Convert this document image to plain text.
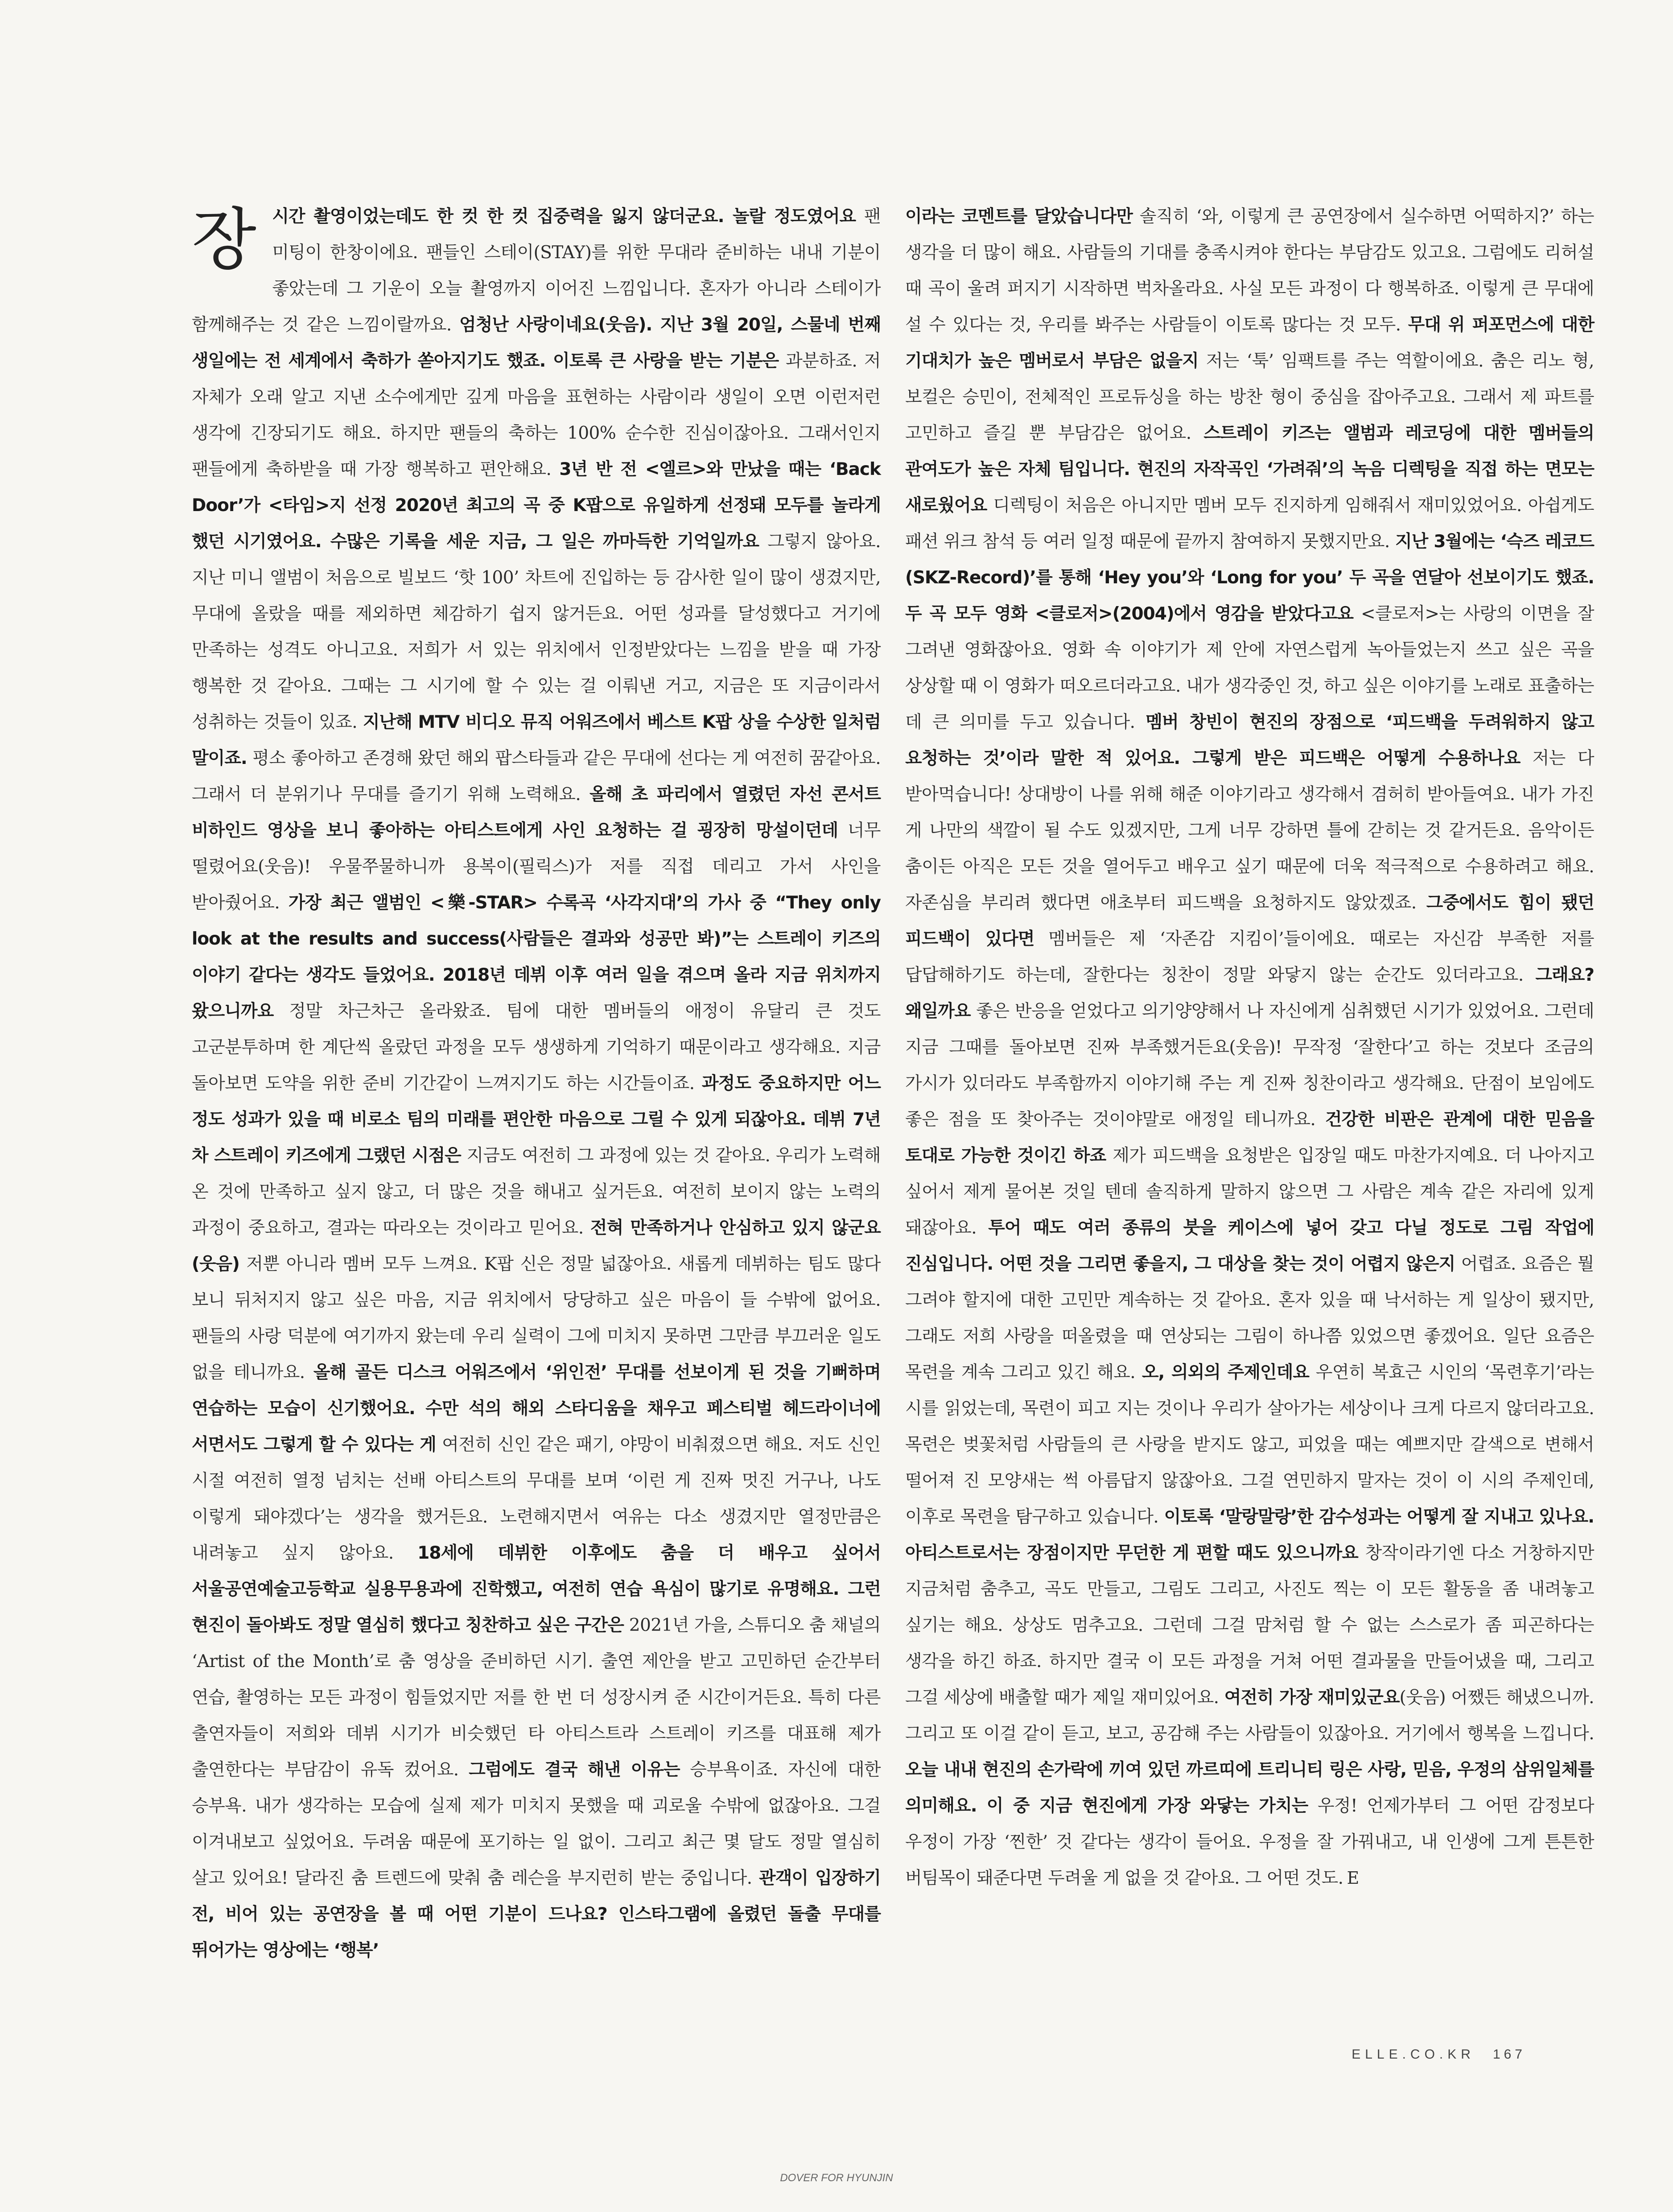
장시간 촬영이었는데도 한 컷 한 컷 집중력을 잃지 않더군요. 놀랄 정도였어요 팬 미팅이 한창이에요. 팬들인 스테이(STAY)를 위한 무대라 준비하는 내내 기분이 좋았는데 그 기운이 오늘 촬영까지 이어진 느낌입니다. 혼자가 아니라 스테이가 함께해주는 것 같은 느낌이랄까요. 엄청난 사랑이네요(웃음). 지난 3월 20일, 스물네 번째 생일에는 전 세계에서 축하가 쏟아지기도 했죠. 이토록 큰 사랑을 받는 기분은 과분하죠. 저 자체가 오래 알고 지낸 소수에게만 깊게 마음을 표현하는 사람이라 생일이 오면 이런저런 생각에 긴장되기도 해요. 하지만 팬들의 축하는 100% 순수한 진심이잖아요. 그래서인지 팬들에게 축하받을 때 가장 행복하고 편안해요. 3년 반 전 <엘르>와 만났을 때는 ‘Back Door’가 <타임>지 선정 2020년 최고의 곡 중 K팝으로 유일하게 선정돼 모두를 놀라게 했던 시기였어요. 수많은 기록을 세운 지금, 그 일은 까마득한 기억일까요 그렇지 않아요. 지난 미니 앨범이 처음으로 빌보드 ‘핫 100’ 차트에 진입하는 등 감사한 일이 많이 생겼지만, 무대에 올랐을 때를 제외하면 체감하기 쉽지 않거든요. 어떤 성과를 달성했다고 거기에 만족하는 성격도 아니고요. 저희가 서 있는 위치에서 인정받았다는 느낌을 받을 때 가장 행복한 것 같아요. 그때는 그 시기에 할 수 있는 걸 이뤄낸 거고, 지금은 또 지금이라서 성취하는 것들이 있죠. 지난해 MTV 비디오 뮤직 어워즈에서 베스트 K팝 상을 수상한 일처럼 말이죠. 평소 좋아하고 존경해 왔던 해외 팝스타들과 같은 무대에 선다는 게 여전히 꿈같아요. 그래서 더 분위기나 무대를 즐기기 위해 노력해요. 올해 초 파리에서 열렸던 자선 콘서트 비하인드 영상을 보니 좋아하는 아티스트에게 사인 요청하는 걸 굉장히 망설이던데 너무 떨렸어요(웃음)! 우물쭈물하니까 용복이(필릭스)가 저를 직접 데리고 가서 사인을 받아줬어요. 가장 최근 앨범인 <樂-STAR> 수록곡 ‘사각지대’의 가사 중 “They only look at the results and success(사람들은 결과와 성공만 봐)”는 스트레이 키즈의 이야기 같다는 생각도 들었어요. 2018년 데뷔 이후 여러 일을 겪으며 올라 지금 위치까지 왔으니까요 정말 차근차근 올라왔죠. 팀에 대한 멤버들의 애정이 유달리 큰 것도 고군분투하며 한 계단씩 올랐던 과정을 모두 생생하게 기억하기 때문이라고 생각해요. 지금 돌아보면 도약을 위한 준비 기간같이 느껴지기도 하는 시간들이죠. 과정도 중요하지만 어느 정도 성과가 있을 때 비로소 팀의 미래를 편안한 마음으로 그릴 수 있게 되잖아요. 데뷔 7년 차 스트레이 키즈에게 그랬던 시점은 지금도 여전히 그 과정에 있는 것 같아요. 우리가 노력해 온 것에 만족하고 싶지 않고, 더 많은 것을 해내고 싶거든요. 여전히 보이지 않는 노력의 과정이 중요하고, 결과는 따라오는 것이라고 믿어요. 전혀 만족하거나 안심하고 있지 않군요(웃음) 저뿐 아니라 멤버 모두 느껴요. K팝 신은 정말 넓잖아요. 새롭게 데뷔하는 팀도 많다 보니 뒤처지지 않고 싶은 마음, 지금 위치에서 당당하고 싶은 마음이 들 수밖에 없어요. 팬들의 사랑 덕분에 여기까지 왔는데 우리 실력이 그에 미치지 못하면 그만큼 부끄러운 일도 없을 테니까요. 올해 골든 디스크 어워즈에서 ‘위인전’ 무대를 선보이게 된 것을 기뻐하며 연습하는 모습이 신기했어요. 수만 석의 해외 스타디움을 채우고 페스티벌 헤드라이너에 서면서도 그렇게 할 수 있다는 게 여전히 신인 같은 패기, 야망이 비춰졌으면 해요. 저도 신인 시절 여전히 열정 넘치는 선배 아티스트의 무대를 보며 ‘이런 게 진짜 멋진 거구나, 나도 이렇게 돼야겠다’는 생각을 했거든요. 노련해지면서 여유는 다소 생겼지만 열정만큼은 내려놓고 싶지 않아요. 18세에 데뷔한 이후에도 춤을 더 배우고 싶어서 서울공연예술고등학교 실용무용과에 진학했고, 여전히 연습 욕심이 많기로 유명해요. 그런 현진이 돌아봐도 정말 열심히 했다고 칭찬하고 싶은 구간은 2021년 가을, 스튜디오 춤 채널의 ‘Artist of the Month’로 춤 영상을 준비하던 시기. 출연 제안을 받고 고민하던 순간부터 연습, 촬영하는 모든 과정이 힘들었지만 저를 한 번 더 성장시켜 준 시간이거든요. 특히 다른 출연자들이 저희와 데뷔 시기가 비슷했던 타 아티스트라 스트레이 키즈를 대표해 제가 출연한다는 부담감이 유독 컸어요. 그럼에도 결국 해낸 이유는 승부욕이죠. 자신에 대한 승부욕. 내가 생각하는 모습에 실제 제가 미치지 못했을 때 괴로울 수밖에 없잖아요. 그걸 이겨내보고 싶었어요. 두려움 때문에 포기하는 일 없이. 그리고 최근 몇 달도 정말 열심히 살고 있어요! 달라진 춤 트렌드에 맞춰 춤 레슨을 부지런히 받는 중입니다. 관객이 입장하기 전, 비어 있는 공연장을 볼 때 어떤 기분이 드나요? 인스타그램에 올렸던 돌출 무대를 뛰어가는 영상에는 ‘행복’

이라는 코멘트를 달았습니다만 솔직히 ‘와, 이렇게 큰 공연장에서 실수하면 어떡하지?’ 하는 생각을 더 많이 해요. 사람들의 기대를 충족시켜야 한다는 부담감도 있고요. 그럼에도 리허설 때 곡이 울려 퍼지기 시작하면 벅차올라요. 사실 모든 과정이 다 행복하죠. 이렇게 큰 무대에 설 수 있다는 것, 우리를 봐주는 사람들이 이토록 많다는 것 모두. 무대 위 퍼포먼스에 대한 기대치가 높은 멤버로서 부담은 없을지 저는 ‘툭’ 임팩트를 주는 역할이에요. 춤은 리노 형, 보컬은 승민이, 전체적인 프로듀싱을 하는 방찬 형이 중심을 잡아주고요. 그래서 제 파트를 고민하고 즐길 뿐 부담감은 없어요. 스트레이 키즈는 앨범과 레코딩에 대한 멤버들의 관여도가 높은 자체 팀입니다. 현진의 자작곡인 ‘가려줘’의 녹음 디렉팅을 직접 하는 면모는 새로웠어요 디렉팅이 처음은 아니지만 멤버 모두 진지하게 임해줘서 재미있었어요. 아쉽게도 패션 위크 참석 등 여러 일정 때문에 끝까지 참여하지 못했지만요. 지난 3월에는 ‘슥즈 레코드(SKZ-Record)’를 통해 ‘Hey you’와 ‘Long for you’ 두 곡을 연달아 선보이기도 했죠. 두 곡 모두 영화 <클로저>(2004)에서 영감을 받았다고요 <클로저>는 사랑의 이면을 잘 그려낸 영화잖아요. 영화 속 이야기가 제 안에 자연스럽게 녹아들었는지 쓰고 싶은 곡을 상상할 때 이 영화가 떠오르더라고요. 내가 생각중인 것, 하고 싶은 이야기를 노래로 표출하는 데 큰 의미를 두고 있습니다. 멤버 창빈이 현진의 장점으로 ‘피드백을 두려워하지 않고 요청하는 것’이라 말한 적 있어요. 그렇게 받은 피드백은 어떻게 수용하나요 저는 다 받아먹습니다! 상대방이 나를 위해 해준 이야기라고 생각해서 겸허히 받아들여요. 내가 가진 게 나만의 색깔이 될 수도 있겠지만, 그게 너무 강하면 틀에 갇히는 것 같거든요. 음악이든 춤이든 아직은 모든 것을 열어두고 배우고 싶기 때문에 더욱 적극적으로 수용하려고 해요. 자존심을 부리려 했다면 애초부터 피드백을 요청하지도 않았겠죠. 그중에서도 힘이 됐던 피드백이 있다면 멤버들은 제 ‘자존감 지킴이’들이에요. 때로는 자신감 부족한 저를 답답해하기도 하는데, 잘한다는 칭찬이 정말 와닿지 않는 순간도 있더라고요. 그래요? 왜일까요 좋은 반응을 얻었다고 의기양양해서 나 자신에게 심취했던 시기가 있었어요. 그런데 지금 그때를 돌아보면 진짜 부족했거든요(웃음)! 무작정 ‘잘한다’고 하는 것보다 조금의 가시가 있더라도 부족함까지 이야기해 주는 게 진짜 칭찬이라고 생각해요. 단점이 보임에도 좋은 점을 또 찾아주는 것이야말로 애정일 테니까요. 건강한 비판은 관계에 대한 믿음을 토대로 가능한 것이긴 하죠 제가 피드백을 요청받은 입장일 때도 마찬가지예요. 더 나아지고 싶어서 제게 물어본 것일 텐데 솔직하게 말하지 않으면 그 사람은 계속 같은 자리에 있게 돼잖아요. 투어 때도 여러 종류의 붓을 케이스에 넣어 갖고 다닐 정도로 그림 작업에 진심입니다. 어떤 것을 그리면 좋을지, 그 대상을 찾는 것이 어렵지 않은지 어렵죠. 요즘은 뭘 그려야 할지에 대한 고민만 계속하는 것 같아요. 혼자 있을 때 낙서하는 게 일상이 됐지만, 그래도 저희 사랑을 떠올렸을 때 연상되는 그림이 하나쯤 있었으면 좋겠어요. 일단 요즘은 목련을 계속 그리고 있긴 해요. 오, 의외의 주제인데요 우연히 복효근 시인의 ‘목련후기’라는 시를 읽었는데, 목련이 피고 지는 것이나 우리가 살아가는 세상이나 크게 다르지 않더라고요. 목련은 벚꽃처럼 사람들의 큰 사랑을 받지도 않고, 피었을 때는 예쁘지만 갈색으로 변해서 떨어져 진 모양새는 썩 아름답지 않잖아요. 그걸 연민하지 말자는 것이 이 시의 주제인데, 이후로 목련을 탐구하고 있습니다. 이토록 ‘말랑말랑’한 감수성과는 어떻게 잘 지내고 있나요. 아티스트로서는 장점이지만 무던한 게 편할 때도 있으니까요 창작이라기엔 다소 거창하지만 지금처럼 춤추고, 곡도 만들고, 그림도 그리고, 사진도 찍는 이 모든 활동을 좀 내려놓고 싶기는 해요. 상상도 멈추고요. 그런데 그걸 맘처럼 할 수 없는 스스로가 좀 피곤하다는 생각을 하긴 하죠. 하지만 결국 이 모든 과정을 거쳐 어떤 결과물을 만들어냈을 때, 그리고 그걸 세상에 배출할 때가 제일 재미있어요. 여전히 가장 재미있군요(웃음) 어쨌든 해냈으니까. 그리고 또 이걸 같이 듣고, 보고, 공감해 주는 사람들이 있잖아요. 거기에서 행복을 느낍니다. 오늘 내내 현진의 손가락에 끼여 있던 까르띠에 트리니티 링은 사랑, 믿음, 우정의 삼위일체를 의미해요. 이 중 지금 현진에게 가장 와닿는 가치는 우정! 언제가부터 그 어떤 감정보다 우정이 가장 ‘찐한’ 것 같다는 생각이 들어요. 우정을 잘 가꿔내고, 내 인생에 그게 튼튼한 버팀목이 돼준다면 두려울 게 없을 것 같아요. 그 어떤 것도. E

ELLE.CO.KR 167
DOVER FOR HYUNJIN
